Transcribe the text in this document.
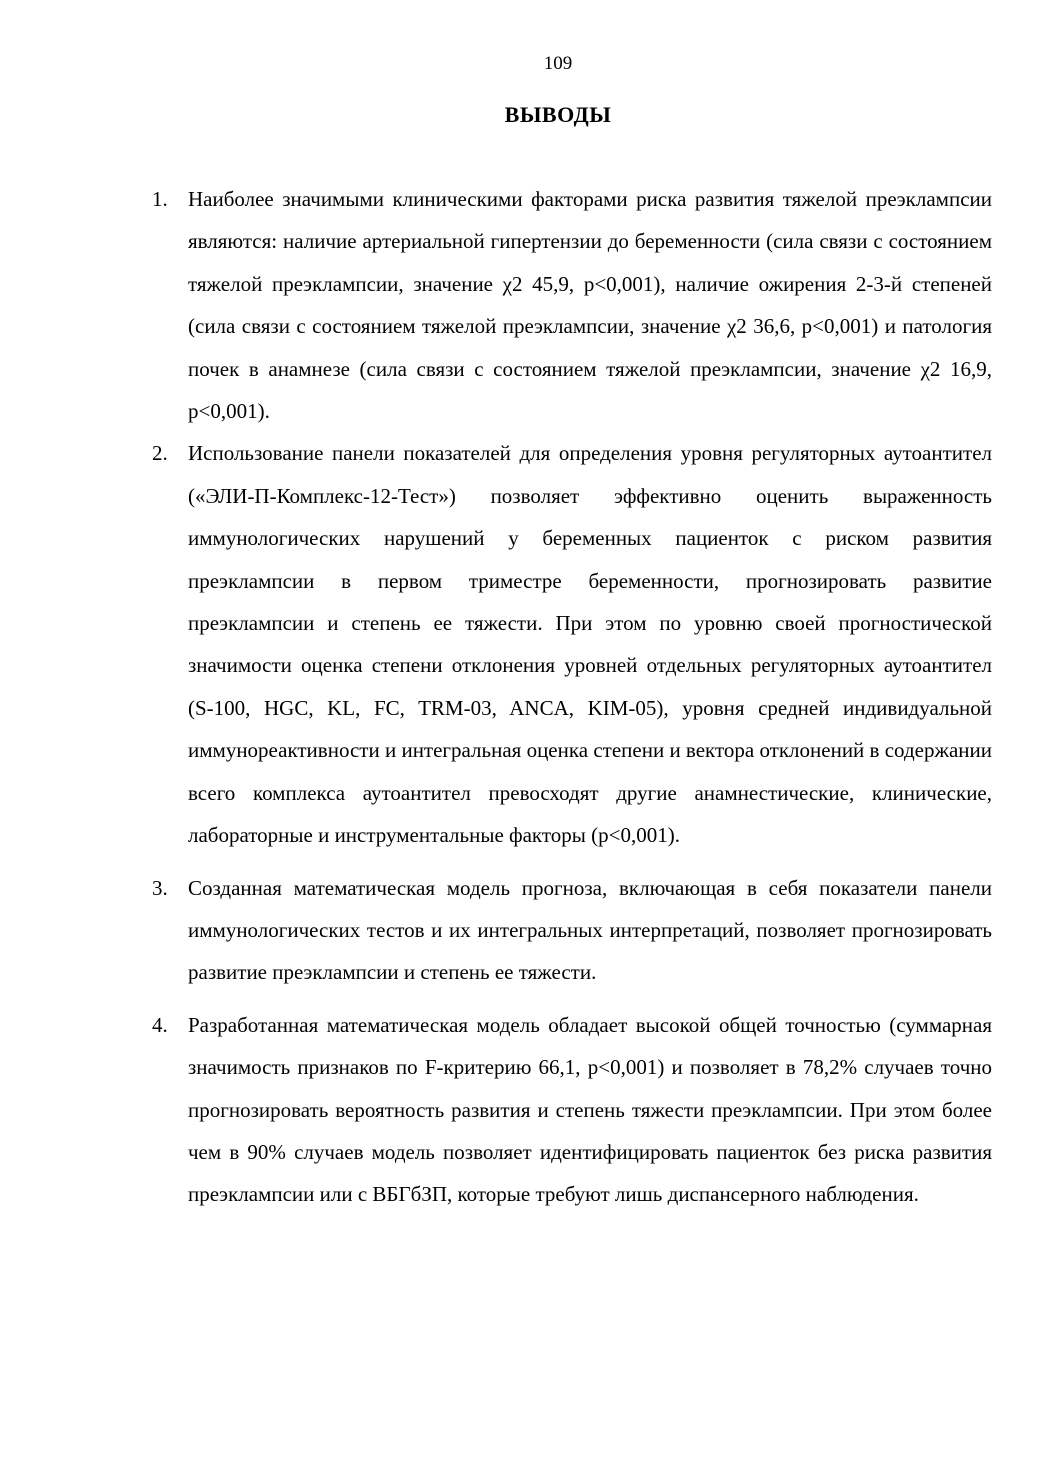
109
ВЫВОДЫ
1. Наиболее значимыми клиническими факторами риска развития тяжелой преэклампсии являются: наличие артериальной гипертензии до беременности (сила связи с состоянием тяжелой преэклампсии, значение χ2 45,9, p<0,001), наличие ожирения 2-3-й степеней (сила связи с состоянием тяжелой преэклампсии, значение χ2 36,6, p<0,001) и патология почек в анамнезе (сила связи с состоянием тяжелой преэклампсии, значение χ2 16,9, p<0,001).
2. Использование панели показателей для определения уровня регуляторных аутоантител («ЭЛИ-П-Комплекс-12-Тест») позволяет эффективно оценить выраженность иммунологических нарушений у беременных пациенток с риском развития преэклампсии в первом триместре беременности, прогнозировать развитие преэклампсии и степень ее тяжести. При этом по уровню своей прогностической значимости оценка степени отклонения уровней отдельных регуляторных аутоантител (S-100, HGC, KL, FC, TRM-03, ANCA, KIM-05), уровня средней индивидуальной иммунореактивности и интегральная оценка степени и вектора отклонений в содержании всего комплекса аутоантител превосходят другие анамнестические, клинические, лабораторные и инструментальные факторы (p<0,001).
3. Созданная математическая модель прогноза, включающая в себя показатели панели иммунологических тестов и их интегральных интерпретаций, позволяет прогнозировать развитие преэклампсии и степень ее тяжести.
4. Разработанная математическая модель обладает высокой общей точностью (суммарная значимость признаков по F-критерию 66,1, p<0,001) и позволяет в 78,2% случаев точно прогнозировать вероятность развития и степень тяжести преэклампсии. При этом более чем в 90% случаев модель позволяет идентифицировать пациенток без риска развития преэклампсии или с ВБГбЗП, которые требуют лишь диспансерного наблюдения.
